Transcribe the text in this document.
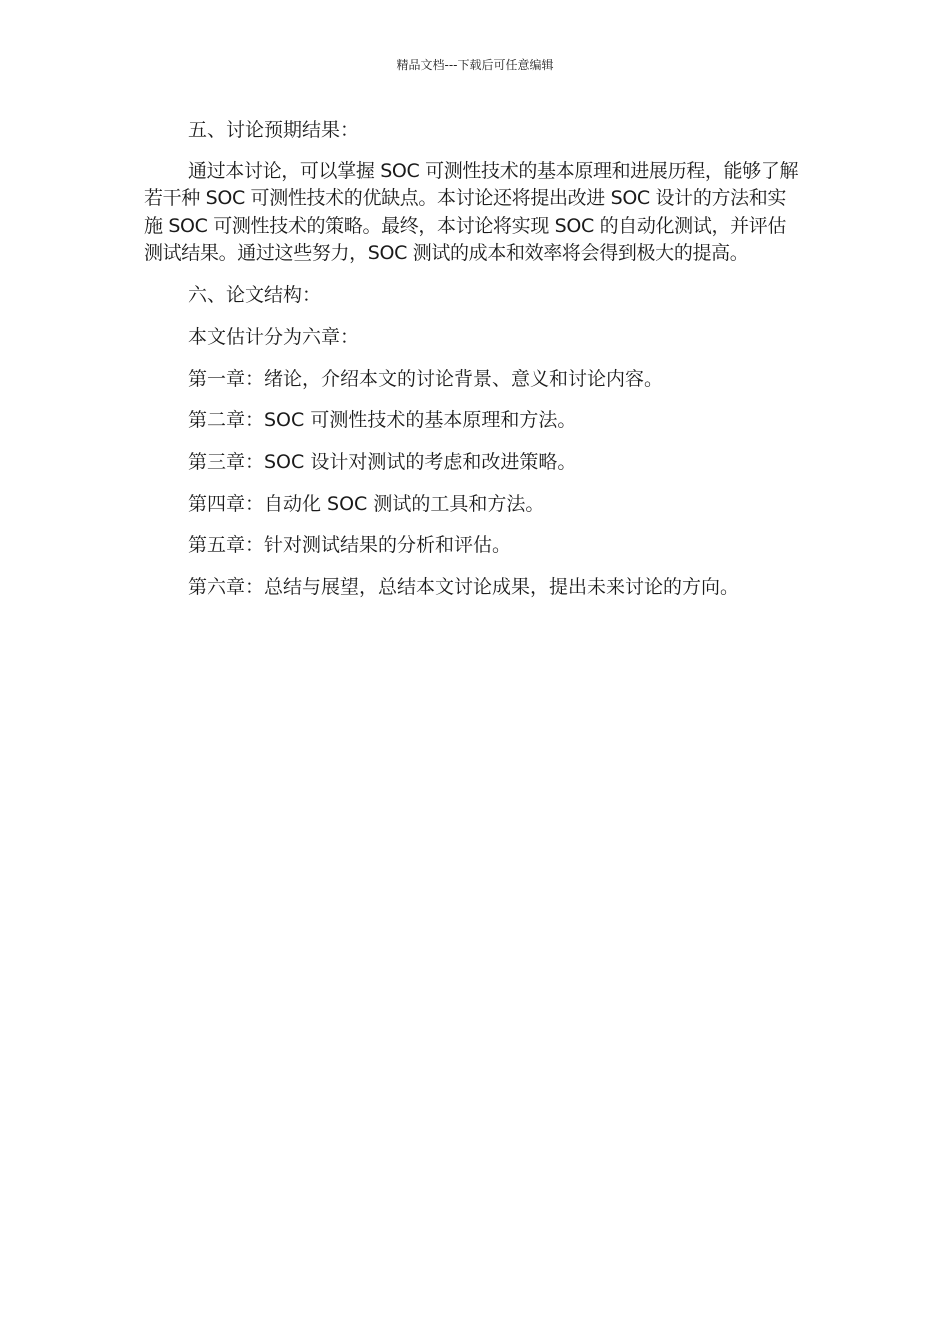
精品文档---下载后可任意编辑

五、讨论预期结果：

通过本讨论，可以掌握 SOC 可测性技术的基本原理和进展历程，能够了解若干种 SOC 可测性技术的优缺点。本讨论还将提出改进 SOC 设计的方法和实施 SOC 可测性技术的策略。最终，本讨论将实现 SOC 的自动化测试，并评估测试结果。通过这些努力，SOC 测试的成本和效率将会得到极大的提高。

六、论文结构：

本文估计分为六章：

第一章：绪论，介绍本文的讨论背景、意义和讨论内容。

第二章：SOC 可测性技术的基本原理和方法。

第三章：SOC 设计对测试的考虑和改进策略。

第四章：自动化 SOC 测试的工具和方法。

第五章：针对测试结果的分析和评估。

第六章：总结与展望，总结本文讨论成果，提出未来讨论的方向。
